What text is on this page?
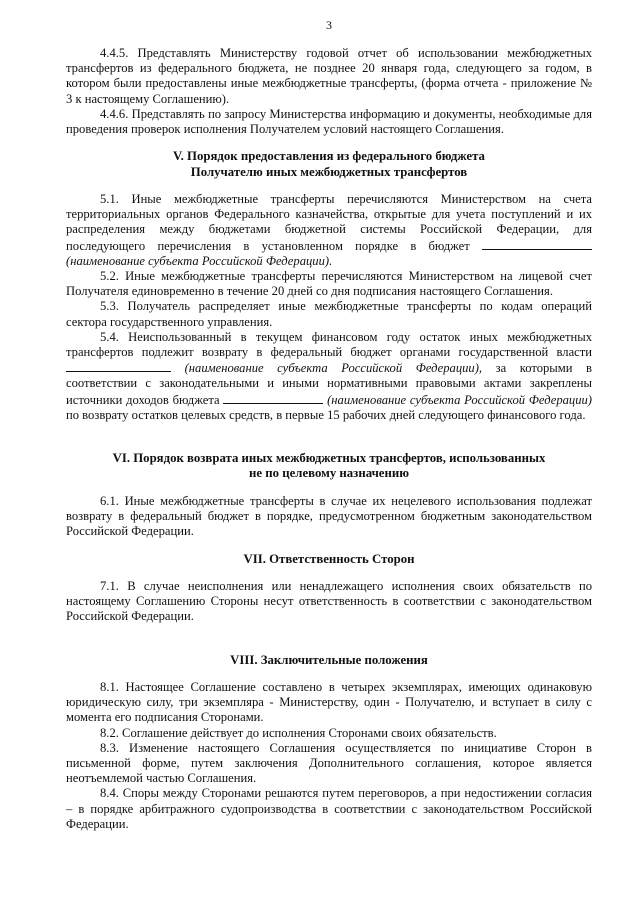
3

4.4.5. Представлять Министерству годовой отчет об использовании межбюджетных трансфертов из федерального бюджета, не позднее 20 января года, следующего за годом, в котором были предоставлены иные межбюджетные трансферты, (форма отчета - приложение № 3 к настоящему Соглашению).

4.4.6. Представлять по запросу Министерства информацию и документы, необходимые для проведения проверок исполнения Получателем условий настоящего Соглашения.

V. Порядок предоставления из федерального бюджета Получателю иных межбюджетных трансфертов

5.1. Иные межбюджетные трансферты перечисляются Министерством на счета территориальных органов Федерального казначейства, открытые для учета поступлений и их распределения между бюджетами бюджетной системы Российской Федерации, для последующего перечисления в установленном порядке в бюджет  (наименование субъекта Российской Федерации).

5.2. Иные межбюджетные трансферты перечисляются Министерством на лицевой счет Получателя единовременно в течение 20 дней со дня подписания настоящего Соглашения.

5.3. Получатель распределяет иные межбюджетные трансферты по кодам операций сектора государственного управления.

5.4. Неиспользованный в текущем финансовом году остаток иных межбюджетных трансфертов подлежит возврату в федеральный бюджет органами государственной власти  (наименование субъекта Российской Федерации), за которыми в соответствии с законодательными и иными нормативными правовыми актами закреплены источники доходов бюджета	(наименование субъекта Российской Федерации) по возврату остатков целевых средств, в первые 15 рабочих дней следующего финансового года.

VI. Порядок возврата иных межбюджетных трансфертов, использованных не по целевому назначению

6.1. Иные межбюджетные трансферты в случае их нецелевого использования подлежат возврату в федеральный бюджет в порядке, предусмотренном бюджетным законодательством Российской Федерации.

VII. Ответственность Сторон

7.1. В случае неисполнения или ненадлежащего исполнения своих обязательств по настоящему Соглашению Стороны несут ответственность в соответствии с законодательством Российской Федерации.

VIII. Заключительные положения

8.1. Настоящее Соглашение составлено в четырех экземплярах, имеющих одинаковую юридическую силу, три экземпляра - Министерству, один - Получателю, и вступает в силу с момента его подписания Сторонами.

8.2. Соглашение действует до исполнения Сторонами своих обязательств.

8.3. Изменение настоящего Соглашения осуществляется по инициативе Сторон в письменной форме, путем заключения Дополнительного соглашения, которое является неотъемлемой частью Соглашения.

8.4. Споры между Сторонами решаются путем переговоров, а при недостижении согласия – в порядке арбитражного судопроизводства в соответствии с законодательством Российской Федерации.
